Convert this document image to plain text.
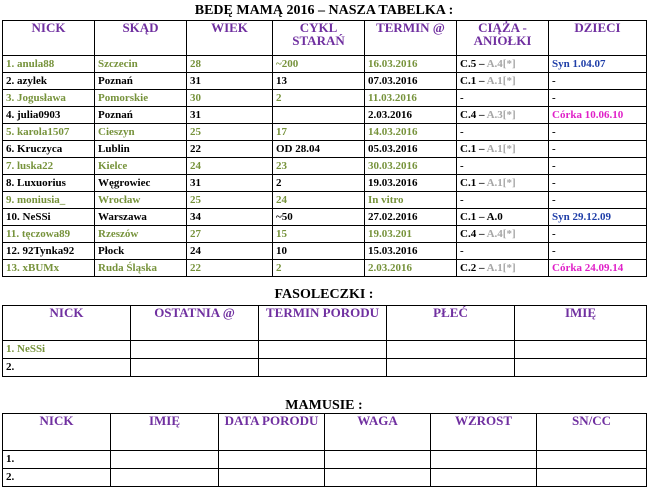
BEDĘ MAMĄ 2016 – NASZA TABELKA :
NICK	SKĄD	WIEK	CYKL STARAŃ	TERMIN @	CIĄŻA - ANIOŁKI	DZIECI
1. anula88	Szczecin	28	~200	16.03.2016	C.5 – A.4[*]	Syn 1.04.07
2. azylek	Poznań	31	13	07.03.2016	C.1 – A.1[*]	-
3. Jogusława	Pomorskie	30	2	11.03.2016	-	-
4. julia0903	Poznań	31		2.03.2016	C.4 – A.3[*]	Córka 10.06.10
5. karola1507	Cieszyn	25	17	14.03.2016	-	-
6. Kruczyca	Lublin	22	OD 28.04	05.03.2016	C.1 – A.1[*]	-
7. luska22	Kielce	24	23	30.03.2016	-	-
8. Luxuorius	Węgrowiec	31	2	19.03.2016	C.1 – A.1[*]	-
9. moniusia_	Wrocław	25	24	In vitro	-	-
10. NeSSi	Warszawa	34	~50	27.02.2016	C.1 – A.0	Syn 29.12.09
11. tęczowa89	Rzeszów	27	15	19.03.201	C.4 – A.4[*]	-
12. 92Tynka92	Płock	24	10	15.03.2016	-	-
13. xBUMx	Ruda Śląska	22	2	2.03.2016	C.2 – A.1[*]	Córka 24.09.14
FASOLECZKI :
NICK	OSTATNIA @	TERMIN PORODU	PŁEĆ	IMIĘ
1. NeSSi				
2.				
MAMUSIE :
NICK	IMIĘ	DATA PORODU	WAGA	WZROST	SN/CC
1.					
2.					
